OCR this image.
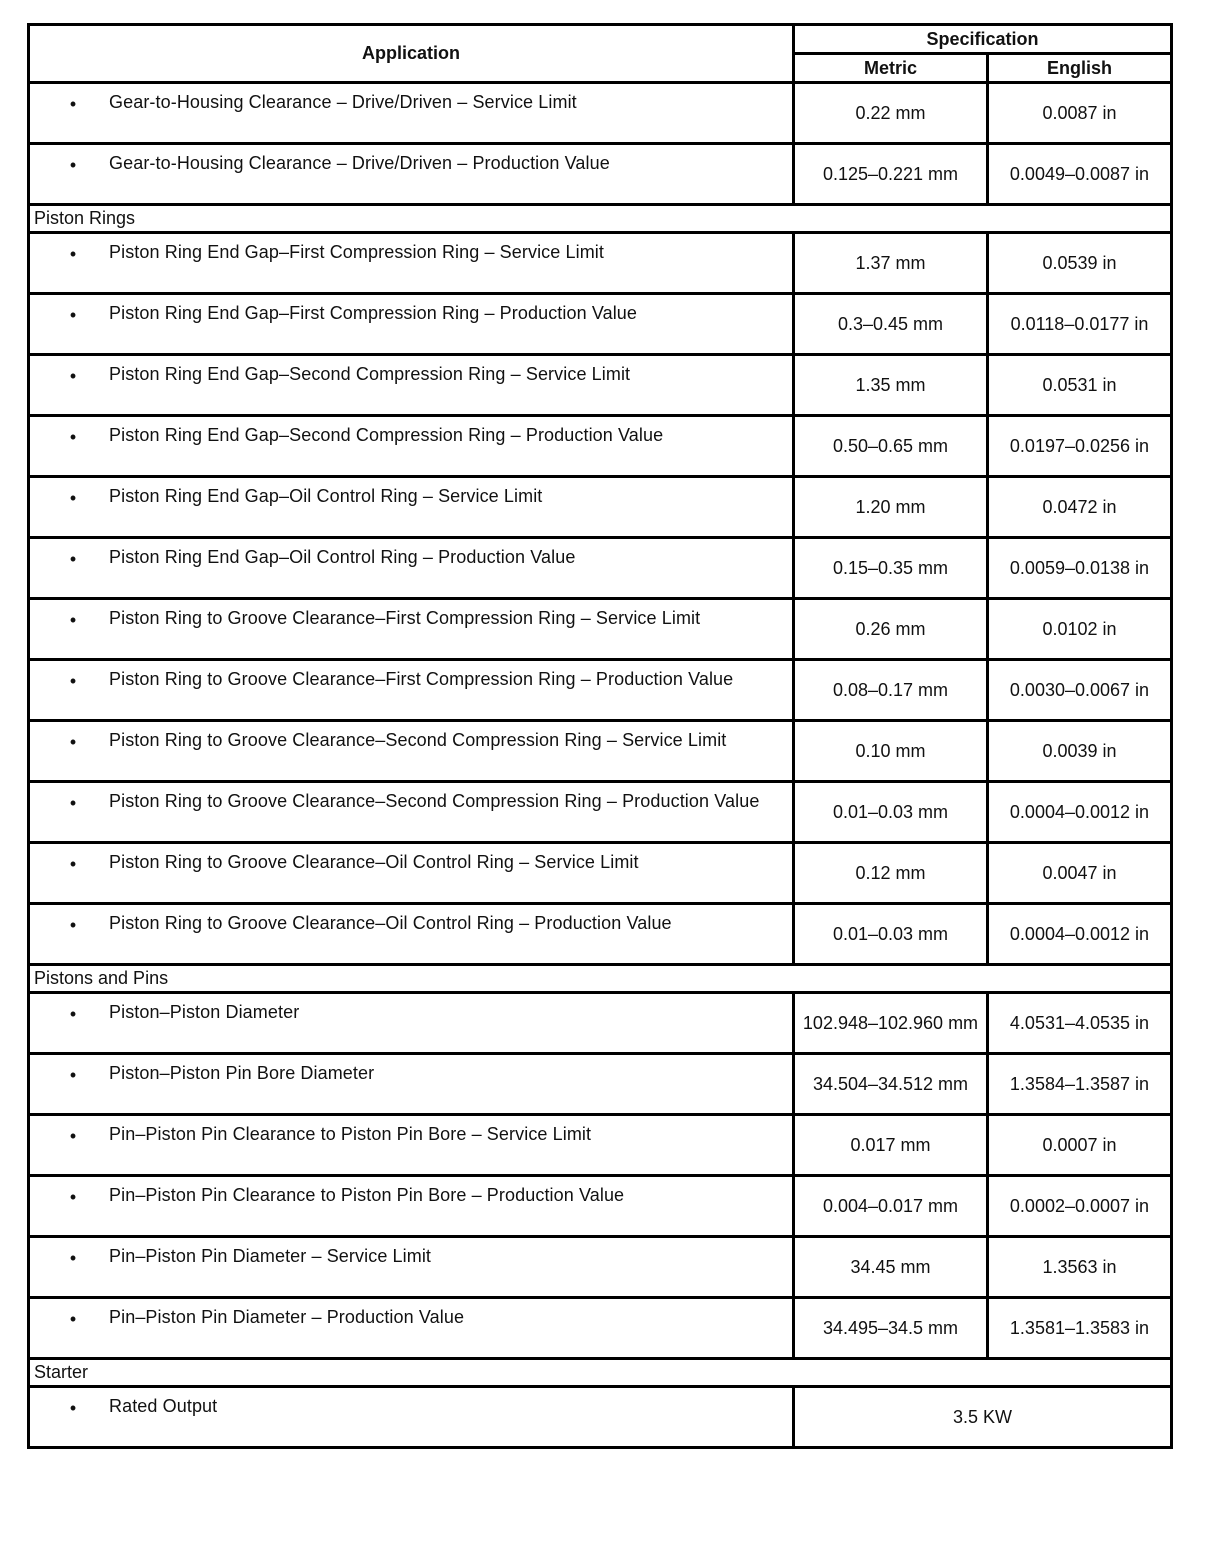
Application	Specification	
	Metric	English

• Gear-to-Housing Clearance – Drive/Driven – Service Limit	0.22 mm	0.0087 in

• Gear-to-Housing Clearance – Drive/Driven – Production Value	0.125–0.221 mm	0.0049–0.0087 in
Piston Rings		

• Piston Ring End Gap–First Compression Ring – Service Limit	1.37 mm	0.0539 in

• Piston Ring End Gap–First Compression Ring – Production Value	0.3–0.45 mm	0.0118–0.0177 in

• Piston Ring End Gap–Second Compression Ring – Service Limit	1.35 mm	0.0531 in

• Piston Ring End Gap–Second Compression Ring – Production Value	0.50–0.65 mm	0.0197–0.0256 in

• Piston Ring End Gap–Oil Control Ring – Service Limit	1.20 mm	0.0472 in

• Piston Ring End Gap–Oil Control Ring – Production Value	0.15–0.35 mm	0.0059–0.0138 in

• Piston Ring to Groove Clearance–First Compression Ring – Service Limit	0.26 mm	0.0102 in

• Piston Ring to Groove Clearance–First Compression Ring – Production Value	0.08–0.17 mm	0.0030–0.0067 in

• Piston Ring to Groove Clearance–Second Compression Ring – Service Limit	0.10 mm	0.0039 in

• Piston Ring to Groove Clearance–Second Compression Ring – Production Value	0.01–0.03 mm	0.0004–0.0012 in

• Piston Ring to Groove Clearance–Oil Control Ring – Service Limit	0.12 mm	0.0047 in

• Piston Ring to Groove Clearance–Oil Control Ring – Production Value	0.01–0.03 mm	0.0004–0.0012 in
Pistons and Pins		

• Piston–Piston Diameter	102.948–102.960 mm	4.0531–4.0535 in

• Piston–Piston Pin Bore Diameter	34.504–34.512 mm	1.3584–1.3587 in

• Pin–Piston Pin Clearance to Piston Pin Bore – Service Limit	0.017 mm	0.0007 in

• Pin–Piston Pin Clearance to Piston Pin Bore – Production Value	0.004–0.017 mm	0.0002–0.0007 in

• Pin–Piston Pin Diameter – Service Limit	34.45 mm	1.3563 in

• Pin–Piston Pin Diameter – Production Value	34.495–34.5 mm	1.3581–1.3583 in
Starter		

• Rated Output	3.5 KW	
